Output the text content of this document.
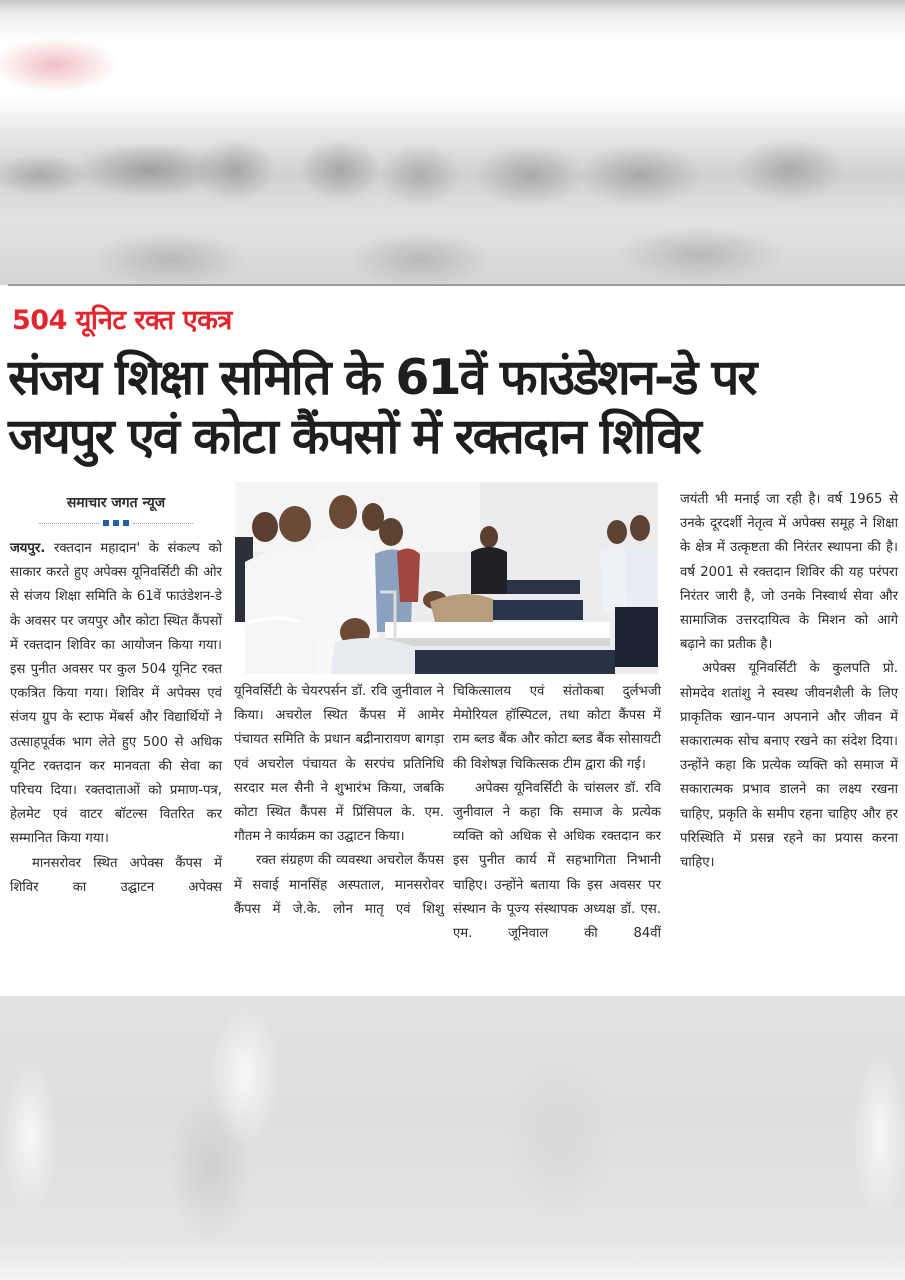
504 यूनिट रक्त एकत्र
संजय शिक्षा समिति के 61वें फाउंडेशन-डे पर
जयपुर एवं कोटा कैंपसों में रक्तदान शिविर
समाचार जगत न्यूज

जयपुर. रक्तदान महादान' के संकल्प को साकार करते हुए अपेक्स यूनिवर्सिटी की ओर से संजय शिक्षा समिति के 61वें फाउंडेशन-डे के अवसर पर जयपुर और कोटा स्थित कैंपसों में रक्तदान शिविर का आयोजन किया गया। इस पुनीत अवसर पर कुल 504 यूनिट रक्त एकत्रित किया गया। शिविर में अपेक्स एवं संजय ग्रुप के स्टाफ मेंबर्स और विद्यार्थियों ने उत्साहपूर्वक भाग लेते हुए 500 से अधिक यूनिट रक्तदान कर मानवता की सेवा का परिचय दिया। रक्तदाताओं को प्रमाण-पत्र, हेलमेट एवं वाटर बॉटल्स वितरित कर सम्मानित किया गया।

मानसरोवर स्थित अपेक्स कैंपस में शिविर का उद्घाटन अपेक्स

यूनिवर्सिटी के चेयरपर्सन डॉ. रवि जुनीवाल ने किया। अचरोल स्थित कैंपस में आमेर पंचायत समिति के प्रधान बद्रीनारायण बागड़ा एवं अचरोल पंचायत के सरपंच प्रतिनिधि सरदार मल सैनी ने शुभारंभ किया, जबकि कोटा स्थित कैंपस में प्रिंसिपल के. एम. गौतम ने कार्यक्रम का उद्घाटन किया।

रक्त संग्रहण की व्यवस्था अचरोल कैंपस में सवाई मानसिंह अस्पताल, मानसरोवर कैंपस में जे.के. लोन मातृ एवं शिशु

चिकित्सालय एवं संतोकबा दुर्लभजी मेमोरियल हॉस्पिटल, तथा कोटा कैंपस में राम ब्लड बैंक और कोटा ब्लड बैंक सोसायटी की विशेषज्ञ चिकित्सक टीम द्वारा की गई।

अपेक्स यूनिवर्सिटी के चांसलर डॉ. रवि जुनीवाल ने कहा कि समाज के प्रत्येक व्यक्ति को अधिक से अधिक रक्तदान कर इस पुनीत कार्य में सहभागिता निभानी चाहिए। उन्होंने बताया कि इस अवसर पर संस्थान के पूज्य संस्थापक अध्यक्ष डॉ. एस. एम. जूनिवाल की 84वीं

जयंती भी मनाई जा रही है। वर्ष 1965 से उनके दूरदर्शी नेतृत्व में अपेक्स समूह ने शिक्षा के क्षेत्र में उत्कृष्टता की निरंतर स्थापना की है। वर्ष 2001 से रक्तदान शिविर की यह परंपरा निरंतर जारी है, जो उनके निस्वार्थ सेवा और सामाजिक उत्तरदायित्व के मिशन को आगे बढ़ाने का प्रतीक है।

अपेक्स यूनिवर्सिटी के कुलपति प्रो. सोमदेव शतांशु ने स्वस्थ जीवनशैली के लिए प्राकृतिक खान-पान अपनाने और जीवन में सकारात्मक सोच बनाए रखने का संदेश दिया। उन्होंने कहा कि प्रत्येक व्यक्ति को समाज में सकारात्मक प्रभाव डालने का लक्ष्य रखना चाहिए, प्रकृति के समीप रहना चाहिए और हर परिस्थिति में प्रसन्न रहने का प्रयास करना चाहिए।
